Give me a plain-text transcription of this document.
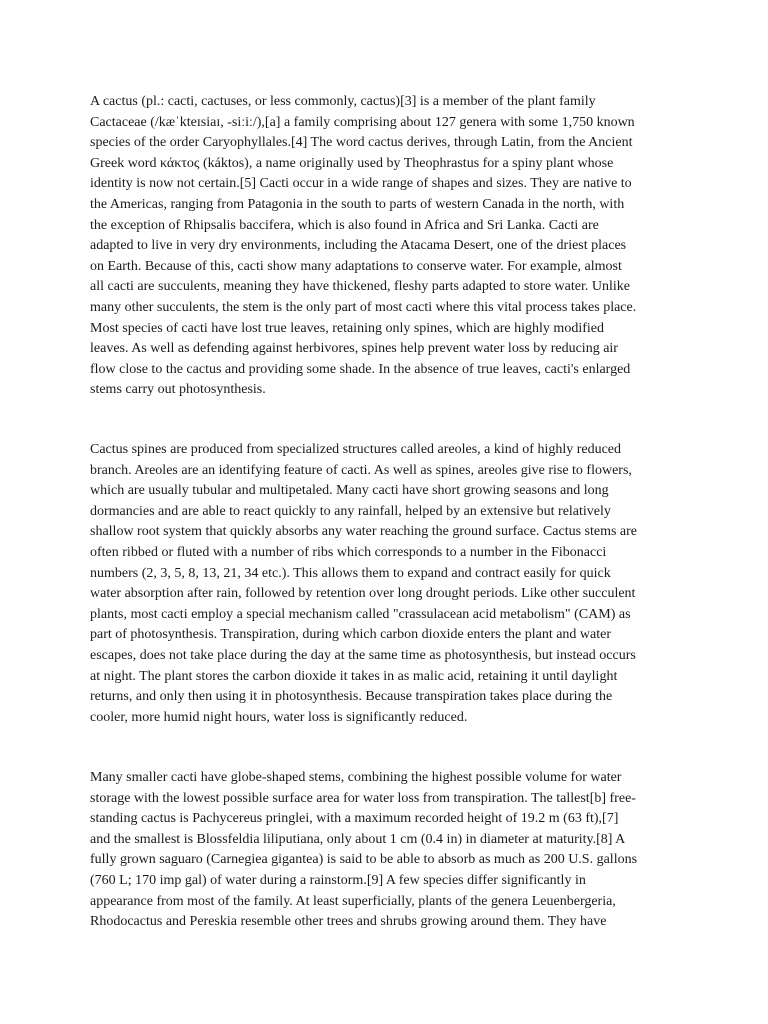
A cactus (pl.: cacti, cactuses, or less commonly, cactus)[3] is a member of the plant family
Cactaceae (/kæˈkteɪsiaɪ, -siːiː/),[a] a family comprising about 127 genera with some 1,750 known
species of the order Caryophyllales.[4] The word cactus derives, through Latin, from the Ancient
Greek word κάκτος (káktos), a name originally used by Theophrastus for a spiny plant whose
identity is now not certain.[5] Cacti occur in a wide range of shapes and sizes. They are native to
the Americas, ranging from Patagonia in the south to parts of western Canada in the north, with
the exception of Rhipsalis baccifera, which is also found in Africa and Sri Lanka. Cacti are
adapted to live in very dry environments, including the Atacama Desert, one of the driest places
on Earth. Because of this, cacti show many adaptations to conserve water. For example, almost
all cacti are succulents, meaning they have thickened, fleshy parts adapted to store water. Unlike
many other succulents, the stem is the only part of most cacti where this vital process takes place.
Most species of cacti have lost true leaves, retaining only spines, which are highly modified
leaves. As well as defending against herbivores, spines help prevent water loss by reducing air
flow close to the cactus and providing some shade. In the absence of true leaves, cacti's enlarged
stems carry out photosynthesis.
Cactus spines are produced from specialized structures called areoles, a kind of highly reduced
branch. Areoles are an identifying feature of cacti. As well as spines, areoles give rise to flowers,
which are usually tubular and multipetaled. Many cacti have short growing seasons and long
dormancies and are able to react quickly to any rainfall, helped by an extensive but relatively
shallow root system that quickly absorbs any water reaching the ground surface. Cactus stems are
often ribbed or fluted with a number of ribs which corresponds to a number in the Fibonacci
numbers (2, 3, 5, 8, 13, 21, 34 etc.). This allows them to expand and contract easily for quick
water absorption after rain, followed by retention over long drought periods. Like other succulent
plants, most cacti employ a special mechanism called "crassulacean acid metabolism" (CAM) as
part of photosynthesis. Transpiration, during which carbon dioxide enters the plant and water
escapes, does not take place during the day at the same time as photosynthesis, but instead occurs
at night. The plant stores the carbon dioxide it takes in as malic acid, retaining it until daylight
returns, and only then using it in photosynthesis. Because transpiration takes place during the
cooler, more humid night hours, water loss is significantly reduced.
Many smaller cacti have globe-shaped stems, combining the highest possible volume for water
storage with the lowest possible surface area for water loss from transpiration. The tallest[b] free-
standing cactus is Pachycereus pringlei, with a maximum recorded height of 19.2 m (63 ft),[7]
and the smallest is Blossfeldia liliputiana, only about 1 cm (0.4 in) in diameter at maturity.[8] A
fully grown saguaro (Carnegiea gigantea) is said to be able to absorb as much as 200 U.S. gallons
(760 L; 170 imp gal) of water during a rainstorm.[9] A few species differ significantly in
appearance from most of the family. At least superficially, plants of the genera Leuenbergeria,
Rhodocactus and Pereskia resemble other trees and shrubs growing around them. They have
